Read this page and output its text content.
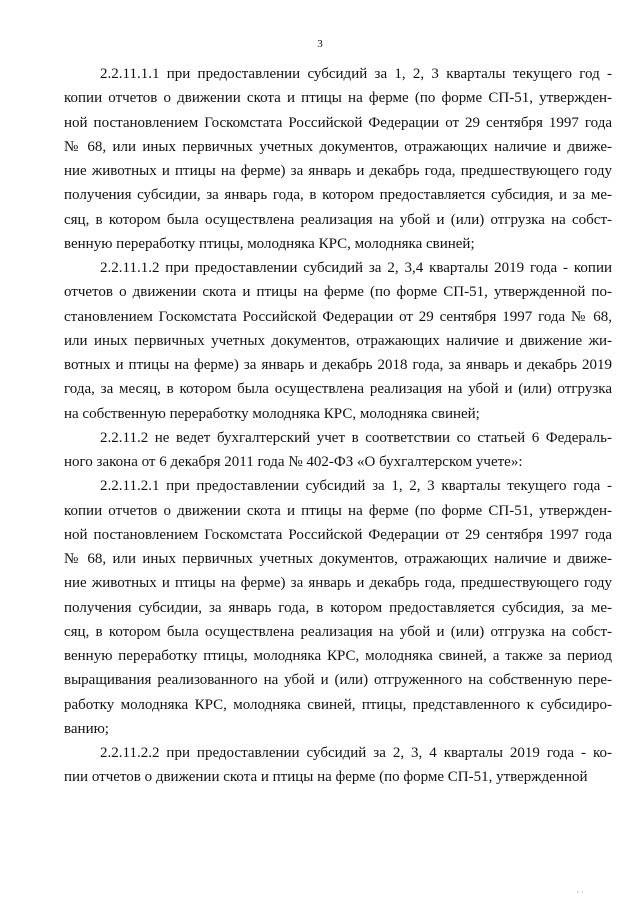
3
2.2.11.1.1 при предоставлении субсидий за 1, 2, 3 кварталы текущего год -
копии отчетов о движении скота и птицы на ферме (по форме СП-51, утвержден-
ной постановлением Госкомстата Российской Федерации от 29 сентября 1997 года
№ 68, или иных первичных учетных документов, отражающих наличие и движе-
ние животных и птицы на ферме) за январь и декабрь года, предшествующего году
получения субсидии, за январь года, в котором предоставляется субсидия, и за ме-
сяц, в котором была осуществлена реализация на убой и (или) отгрузка на собст-
венную переработку птицы, молодняка КРС, молодняка свиней;
2.2.11.1.2 при предоставлении субсидий за 2, 3,4 кварталы 2019 года - копии
отчетов о движении скота и птицы на ферме (по форме СП-51, утвержденной по-
становлением Госкомстата Российской Федерации от 29 сентября 1997 года № 68,
или иных первичных учетных документов, отражающих наличие и движение жи-
вотных и птицы на ферме) за январь и декабрь 2018 года, за январь и декабрь 2019
года, за месяц, в котором была осуществлена реализация на убой и (или) отгрузка
на собственную переработку молодняка КРС, молодняка свиней;
2.2.11.2 не ведет бухгалтерский учет в соответствии со статьей 6 Федераль-
ного закона от 6 декабря 2011 года № 402-ФЗ «О бухгалтерском учете»:
2.2.11.2.1 при предоставлении субсидий за 1, 2, 3 кварталы текущего года -
копии отчетов о движении скота и птицы на ферме (по форме СП-51, утвержден-
ной постановлением Госкомстата Российской Федерации от 29 сентября 1997 года
№ 68, или иных первичных учетных документов, отражающих наличие и движе-
ние животных и птицы на ферме) за январь и декабрь года, предшествующего году
получения субсидии, за январь года, в котором предоставляется субсидия, за ме-
сяц, в котором была осуществлена реализация на убой и (или) отгрузка на собст-
венную переработку птицы, молодняка КРС, молодняка свиней, а также за период
выращивания реализованного на убой и (или) отгруженного на собственную пере-
работку молодняка КРС, молодняка свиней, птицы, представленного к субсидиро-
ванию;
2.2.11.2.2 при предоставлении субсидий за 2, 3, 4 кварталы 2019 года - ко-
пии отчетов о движении скота и птицы на ферме (по форме СП-51, утвержденной
· ·
